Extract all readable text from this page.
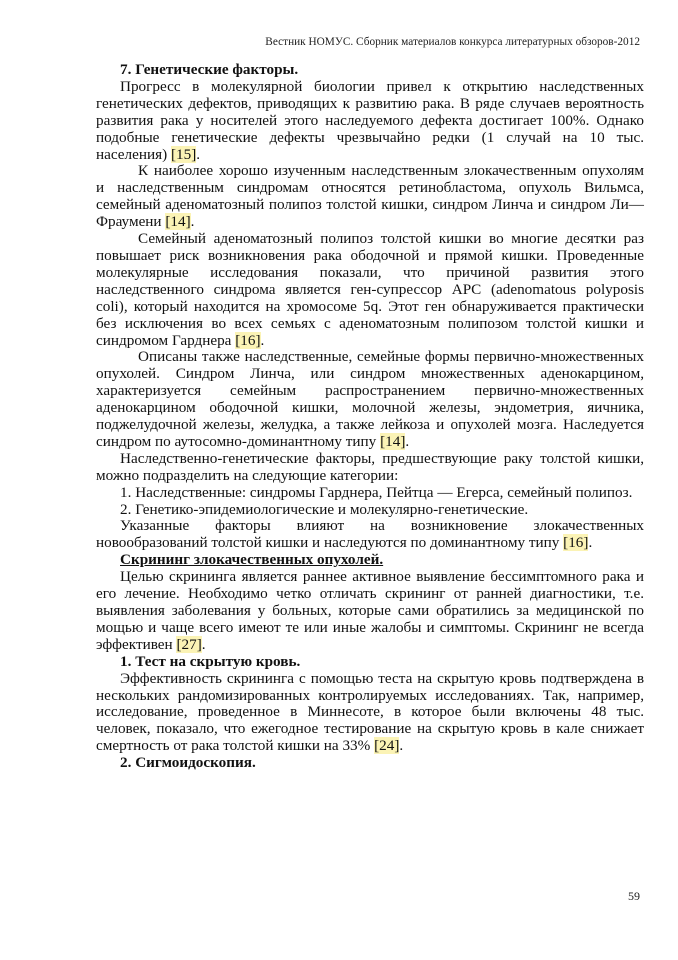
Вестник НОМУС. Сборник материалов конкурса литературных обзоров-2012
7. Генетические факторы.

Прогресс в молекулярной биологии привел к открытию наследственных генетических дефектов, приводящих к развитию рака. В ряде случаев вероятность развития рака у носителей этого наследуемого дефекта достигает 100%. Однако подобные генетические дефекты чрезвычайно редки (1 случай на 10 тыс. населения) [15].

К наиболее хорошо изученным наследственным злокачественным опухолям и наследственным синдромам относятся ретинобластома, опухоль Вильмса, семейный аденоматозный полипоз толстой кишки, синдром Линча и синдром Ли—Фраумени [14].

Семейный аденоматозный полипоз толстой кишки во многие десятки раз повышает риск возникновения рака ободочной и прямой кишки. Проведенные молекулярные исследования показали, что причиной развития этого наследственного синдрома является ген-супрессор APC (adenomatous polyposis coli), который находится на хромосоме 5q. Этот ген обнаруживается практически без исключения во всех семьях с аденоматозным полипозом толстой кишки и синдромом Гарднера [16].

Описаны также наследственные, семейные формы первично-множественных опухолей. Синдром Линча, или синдром множественных аденокарцином, характеризуется семейным распространением первично-множественных аденокарцином ободочной кишки, молочной железы, эндометрия, яичника, поджелудочной железы, желудка, а также лейкоза и опухолей мозга. Наследуется синдром по аутосомно-доминантному типу [14].

Наследственно-генетические факторы, предшествующие раку толстой кишки, можно подразделить на следующие категории:

1. Наследственные: синдромы Гарднера, Пейтца — Егерса, семейный полипоз.

2. Генетико-эпидемиологические и молекулярно-генетические.

Указанные факторы влияют на возникновение злокачественных новообразований толстой кишки и наследуются по доминантному типу [16].

Скрининг злокачественных опухолей.

Целью скрининга является раннее активное выявление бессимптомного рака и его лечение. Необходимо четко отличать скрининг от ранней диагностики, т.е. выявления заболевания у больных, которые сами обратились за медицинской по мощью и чаще всего имеют те или иные жалобы и симптомы. Скрининг не всегда эффективен [27].

1. Тест на скрытую кровь.

Эффективность скрининга с помощью теста на скрытую кровь подтверждена в нескольких рандомизированных контролируемых исследованиях. Так, например, исследование, проведенное в Миннесоте, в которое были включены 48 тыс. человек, показало, что ежегодное тестирование на скрытую кровь в кале снижает смертность от рака толстой кишки на 33% [24].

2. Сигмоидоскопия.
59
